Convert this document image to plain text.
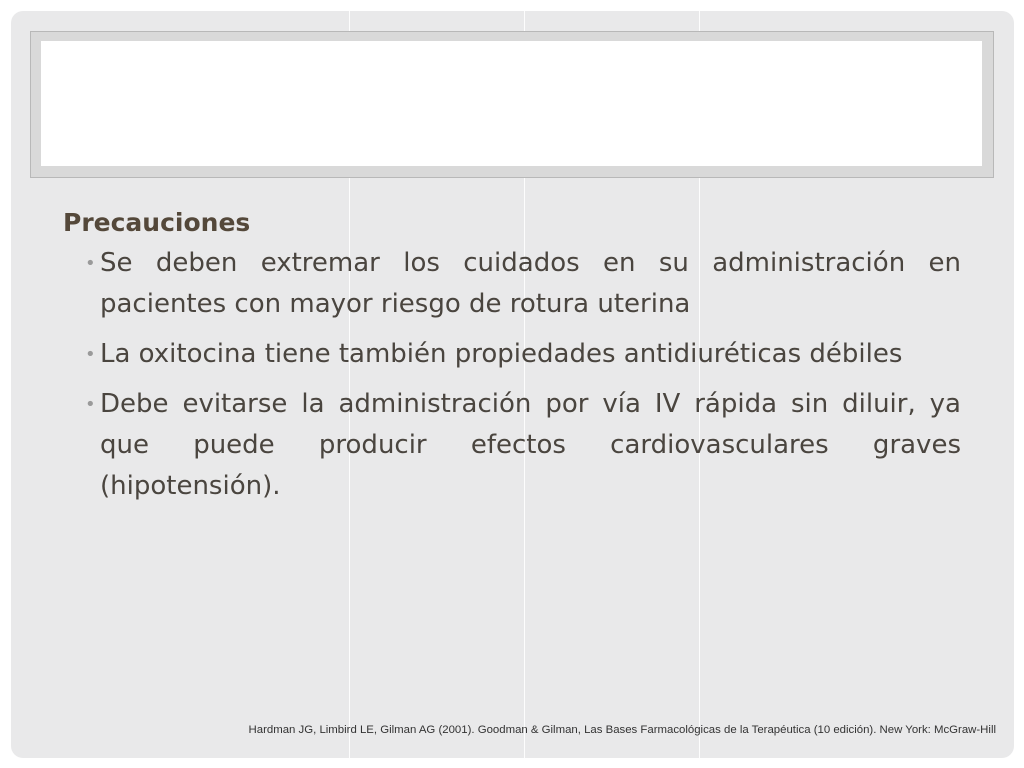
Precauciones
• Se deben extremar los cuidados en su administración en pacientes con mayor riesgo de rotura uterina
• La oxitocina tiene también propiedades antidiuréticas débiles
• Debe evitarse la administración por vía IV rápida sin diluir, ya que puede producir efectos cardiovasculares graves (hipotensión).
Hardman JG, Limbird LE, Gilman AG (2001). Goodman & Gilman, Las Bases Farmacológicas de la Terapéutica (10 edición). New York: McGraw-Hill
